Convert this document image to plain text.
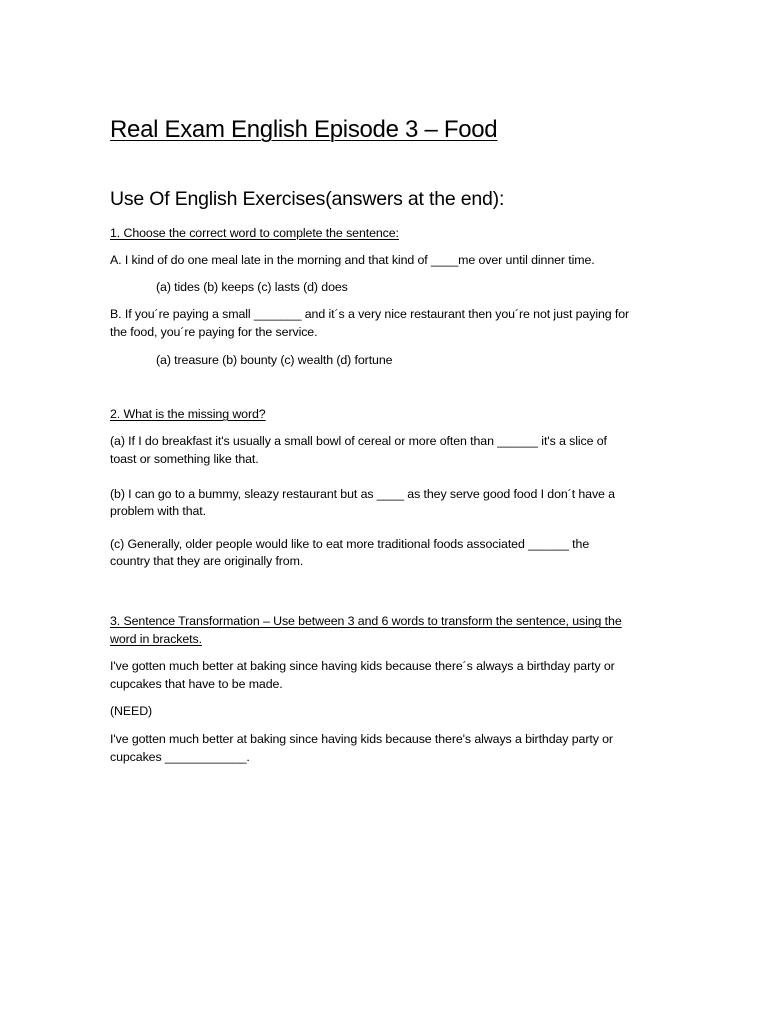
Real Exam English Episode 3 – Food
Use Of English Exercises(answers at the end):
1. Choose the correct word to complete the sentence:
A. I kind of do one meal late in the morning and that kind of ____me over until dinner time.
(a) tides (b) keeps (c) lasts (d) does
B. If you´re paying a small _______ and it´s a very nice restaurant then you´re not just paying for
the food, you´re paying for the service.
(a) treasure (b) bounty (c) wealth (d) fortune
2. What is the missing word?
(a) If I do breakfast it's usually a small bowl of cereal or more often than ______ it's a slice of
toast or something like that.
(b) I can go to a bummy, sleazy restaurant but as ____ as they serve good food I don´t have a
problem with that.
(c) Generally, older people would like to eat more traditional foods associated ______ the
country that they are originally from.
3. Sentence Transformation – Use between 3 and 6 words to transform the sentence, using the
word in brackets.
I've gotten much better at baking since having kids because there´s always a birthday party or
cupcakes that have to be made.
(NEED)
I've gotten much better at baking since having kids because there's always a birthday party or
cupcakes ____________.
